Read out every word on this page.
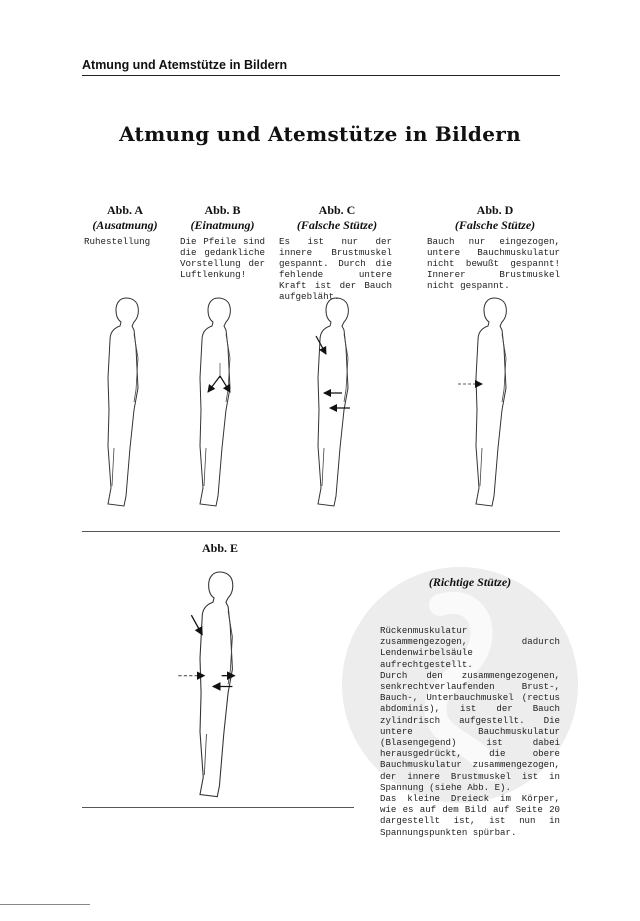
Atmung und Atemstütze in Bildern
Atmung und Atemstütze in Bildern
Abb. A
(Ausatmung)
Ruhestellung
Abb. B
(Einatmung)
Die Pfeile sind die gedankliche Vorstellung der Luftlenkung!
Abb. C
(Falsche Stütze)
Es ist nur der innere Brustmuskel gespannt. Durch die fehlende untere Kraft ist der Bauch aufgebläht.
Abb. D
(Falsche Stütze)
Bauch nur eingezogen, untere Bauchmuskulatur nicht bewußt gespannt! Innerer Brustmuskel nicht gespannt.
Abb. E
(Richtige Stütze)

Rückenmuskulatur zusammengezogen, dadurch Lendenwirbelsäule aufrechtgestellt.

Durch den zusammengezogenen, senkrechtverlaufenden Brust-, Bauch-, Unterbauchmuskel (rectus abdominis), ist der Bauch zylindrisch aufgestellt. Die untere Bauchmuskulatur (Blasengegend) ist dabei herausgedrückt, die obere Bauchmuskulatur zusammengezogen, der innere Brustmuskel ist in Spannung (siehe Abb. E).

Das kleine Dreieck im Körper, wie es auf dem Bild auf Seite 20 dargestellt ist, ist nun in Spannungspunkten spürbar.
